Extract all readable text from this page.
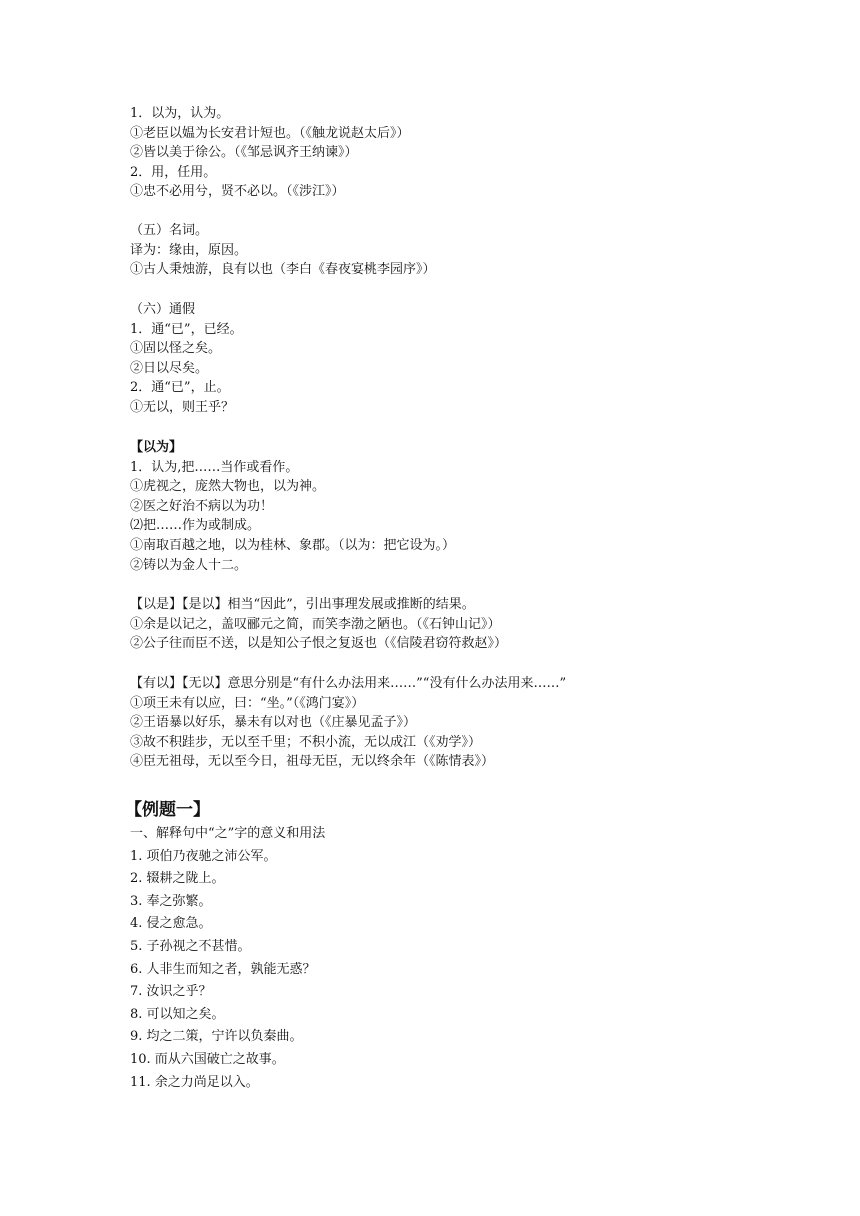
1．以为，认为。
①老臣以媪为长安君计短也。（《触龙说赵太后》）
②皆以美于徐公。（《邹忌讽齐王纳谏》）
2．用，任用。
①忠不必用兮，贤不必以。（《涉江》）
（五）名词。
译为：缘由，原因。
①古人秉烛游，良有以也（李白《春夜宴桃李园序》）
（六）通假
1．通“已”，已经。
①固以怪之矣。
②日以尽矣。
2．通“已”，止。
①无以，则王乎？
【以为】
1．认为,把……当作或看作。
①虎视之，庞然大物也，以为神。
②医之好治不病以为功！
⑵把……作为或制成。
①南取百越之地，以为桂林、象郡。（以为：把它设为。）
②铸以为金人十二。
【以是】【是以】相当“因此”，引出事理发展或推断的结果。
①余是以记之，盖叹郦元之简，而笑李渤之陋也。（《石钟山记》）
②公子往而臣不送，以是知公子恨之复返也（《信陵君窃符救赵》）
【有以】【无以】意思分别是“有什么办法用来……”“没有什么办法用来……”
①项王未有以应，曰：“坐。”（《鸿门宴》）
②王语暴以好乐，暴未有以对也（《庄暴见孟子》）
③故不积跬步，无以至千里；不积小流，无以成江（《劝学》）
④臣无祖母，无以至今日，祖母无臣，无以终余年（《陈情表》）
【例题一】
一、解释句中“之”字的意义和用法
1. 项伯乃夜驰之沛公军。
2. 辍耕之陇上。
3. 奉之弥繁。
4. 侵之愈急。
5. 子孙视之不甚惜。
6. 人非生而知之者，孰能无惑？
7. 汝识之乎？
8. 可以知之矣。
9. 均之二策，宁许以负秦曲。
10. 而从六国破亡之故事。
11. 余之力尚足以入。
